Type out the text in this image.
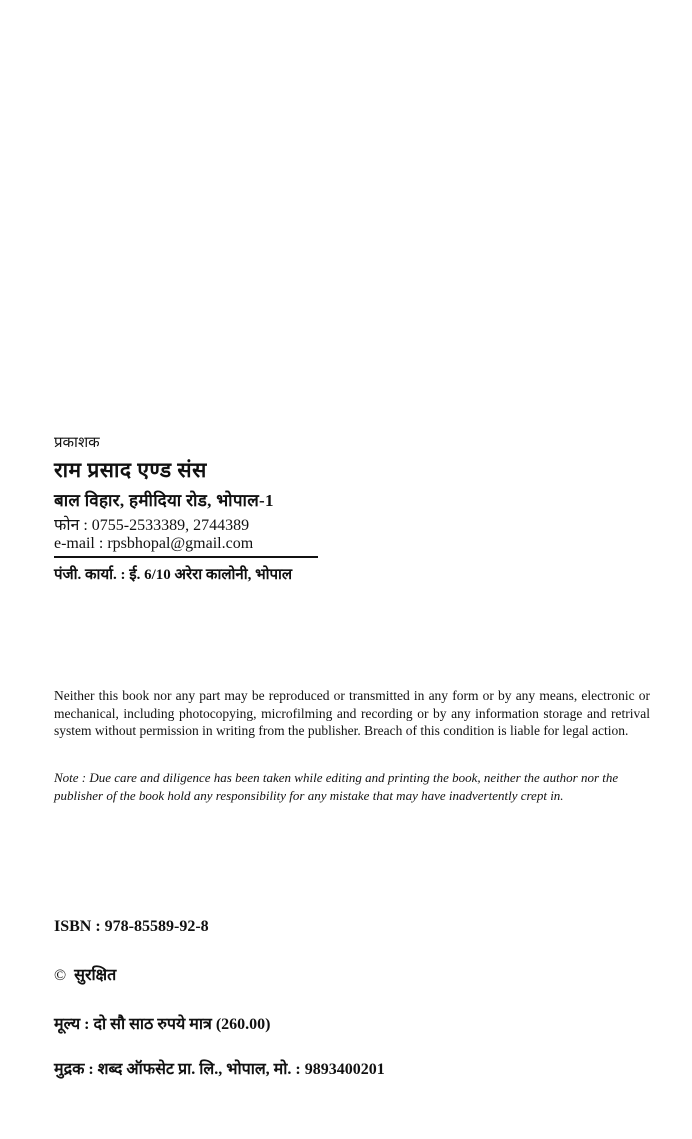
प्रकाशक
राम प्रसाद एण्ड संस
बाल विहार, हमीदिया रोड, भोपाल-1
फोन : 0755-2533389, 2744389
e-mail : rpsbhopal@gmail.com
पंजी. कार्या. : ई. 6/10 अरेरा कालोनी, भोपाल
Neither this book nor any part may be reproduced or transmitted in any form or by any means, electronic or mechanical, including photocopying, microfilming and recording or by any information storage and retrival system without permission in writing from the publisher. Breach of this condition is liable for legal action.
Note : Due care and diligence has been taken while editing and printing the book, neither the author nor the publisher of the book hold any responsibility for any mistake that may have inadvertently crept in.
ISBN : 978-85589-92-8
© सुरक्षित
मूल्य : दो सौ साठ रुपये मात्र (260.00)
मुद्रक : शब्द ऑफसेट प्रा. लि., भोपाल, मो. : 9893400201
